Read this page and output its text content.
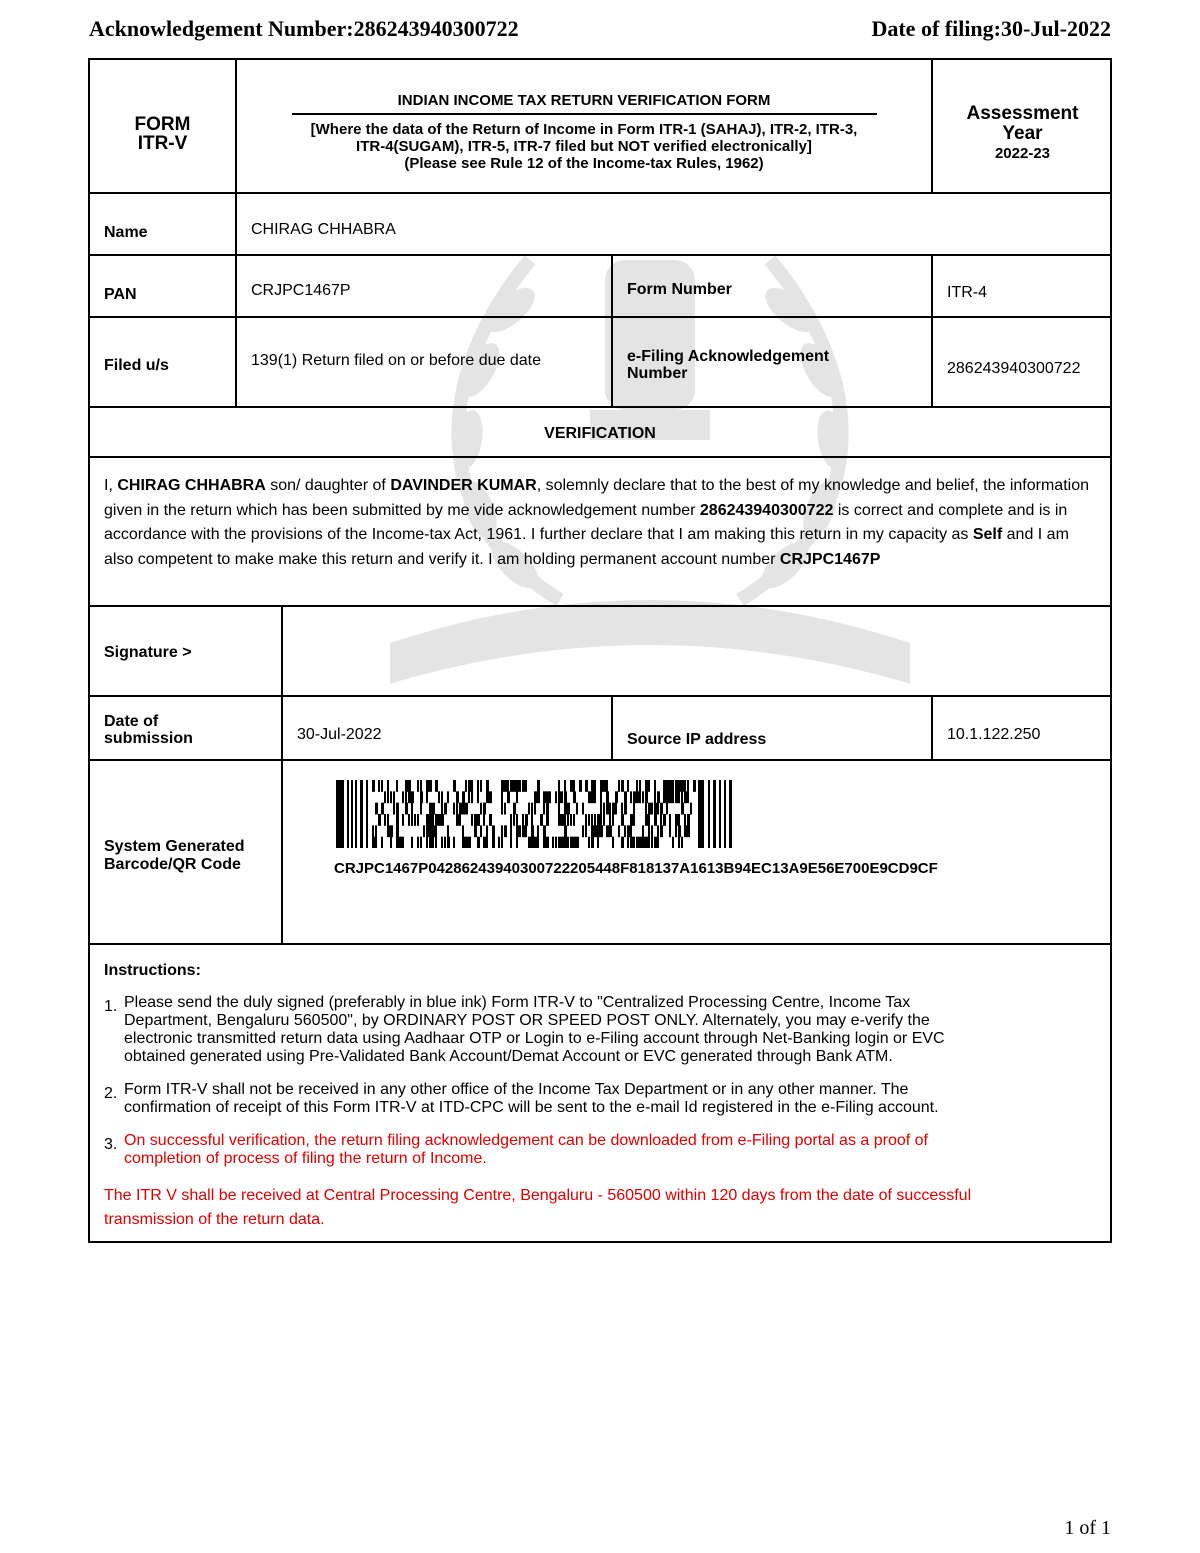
Acknowledgement Number:286243940300722	Date of filing:30-Jul-2022
FORM
ITR-V
INDIAN INCOME TAX RETURN VERIFICATION FORM
[Where the data of the Return of Income in Form ITR-1 (SAHAJ), ITR-2, ITR-3,
ITR-4(SUGAM), ITR-5, ITR-7 filed but NOT verified electronically]
(Please see Rule 12 of the Income-tax Rules, 1962)
Assessment
Year
2022-23
Name	CHIRAG CHHABRA
PAN	CRJPC1467P	Form Number	ITR-4
Filed u/s	139(1) Return filed on or before due date	e-Filing Acknowledgement
Number	286243940300722
VERIFICATION
I, CHIRAG CHHABRA son/ daughter of DAVINDER KUMAR, solemnly declare that to the best of my knowledge and belief, the information given in the return which has been submitted by me vide acknowledgement number 286243940300722 is correct and complete and is in accordance with the provisions of the Income-tax Act, 1961. I further declare that I am making this return in my capacity as Self and I am also competent to make make this return and verify it. I am holding permanent account number CRJPC1467P
Signature >
Date of
submission	30-Jul-2022	Source IP address	10.1.122.250
System Generated
Barcode/QR Code	CRJPC1467P04286243940300722205448F818137A1613B94EC13A9E56E700E9CD9CF
Instructions:
1. Please send the duly signed (preferably in blue ink) Form ITR-V to "Centralized Processing Centre, Income Tax
Department, Bengaluru 560500", by ORDINARY POST OR SPEED POST ONLY. Alternately, you may e-verify the
electronic transmitted return data using Aadhaar OTP or Login to e-Filing account through Net-Banking login or EVC
obtained generated using Pre-Validated Bank Account/Demat Account or EVC generated through Bank ATM.
2. Form ITR-V shall not be received in any other office of the Income Tax Department or in any other manner. The
confirmation of receipt of this Form ITR-V at ITD-CPC will be sent to the e-mail Id registered in the e-Filing account.
3. On successful verification, the return filing acknowledgement can be downloaded from e-Filing portal as a proof of
completion of process of filing the return of Income.
The ITR V shall be received at Central Processing Centre, Bengaluru - 560500 within 120 days from the date of successful
transmission of the return data.
1 of 1
